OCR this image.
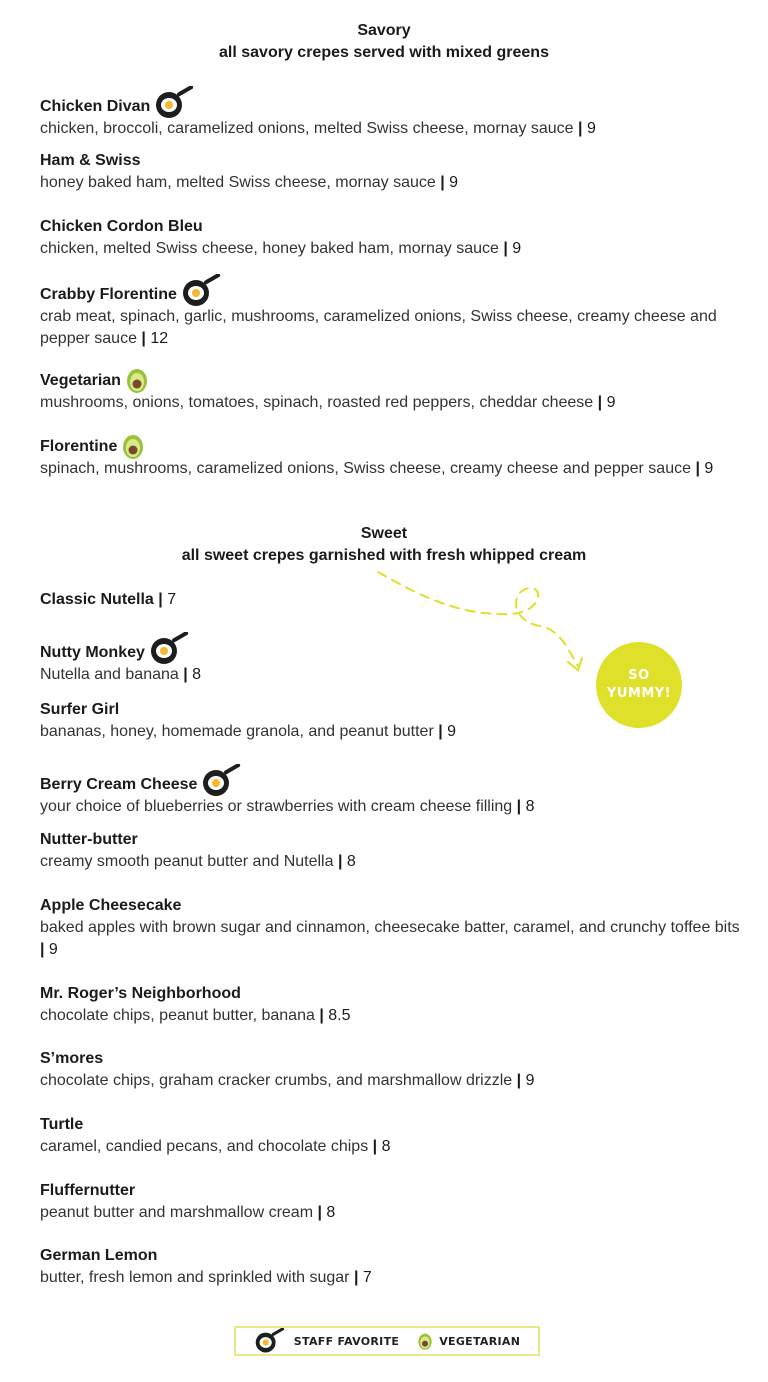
Savory
all savory crepes served with mixed greens
Chicken Divan
chicken, broccoli, caramelized onions, melted Swiss cheese, mornay sauce | 9
Ham & Swiss
honey baked ham, melted Swiss cheese, mornay sauce | 9
Chicken Cordon Bleu
chicken, melted Swiss cheese, honey baked ham, mornay sauce | 9
Crabby Florentine
crab meat, spinach, garlic, mushrooms, caramelized onions, Swiss cheese, creamy cheese and pepper sauce | 12
Vegetarian
mushrooms, onions, tomatoes, spinach, roasted red peppers, cheddar cheese | 9
Florentine
spinach, mushrooms, caramelized onions, Swiss cheese, creamy cheese and pepper sauce | 9
Sweet
all sweet crepes garnished with fresh whipped cream
SO
YUMMY!
Classic Nutella
| 7
Nutty Monkey
Nutella and banana | 8
Surfer Girl
bananas, honey, homemade granola, and peanut butter | 9
Berry Cream Cheese
your choice of blueberries or strawberries with cream cheese filling | 8
Nutter-butter
creamy smooth peanut butter and Nutella | 8
Apple Cheesecake
baked apples with brown sugar and cinnamon, cheesecake batter, caramel, and crunchy toffee bits | 9
Mr. Roger’s Neighborhood
chocolate chips, peanut butter, banana | 8.5
S’mores
chocolate chips, graham cracker crumbs, and marshmallow drizzle | 9
Turtle
caramel, candied pecans, and chocolate chips | 8
Fluffernutter
peanut butter and marshmallow cream | 8
German Lemon
butter, fresh lemon and sprinkled with sugar | 7
STAFF FAVORITE	VEGETARIAN
